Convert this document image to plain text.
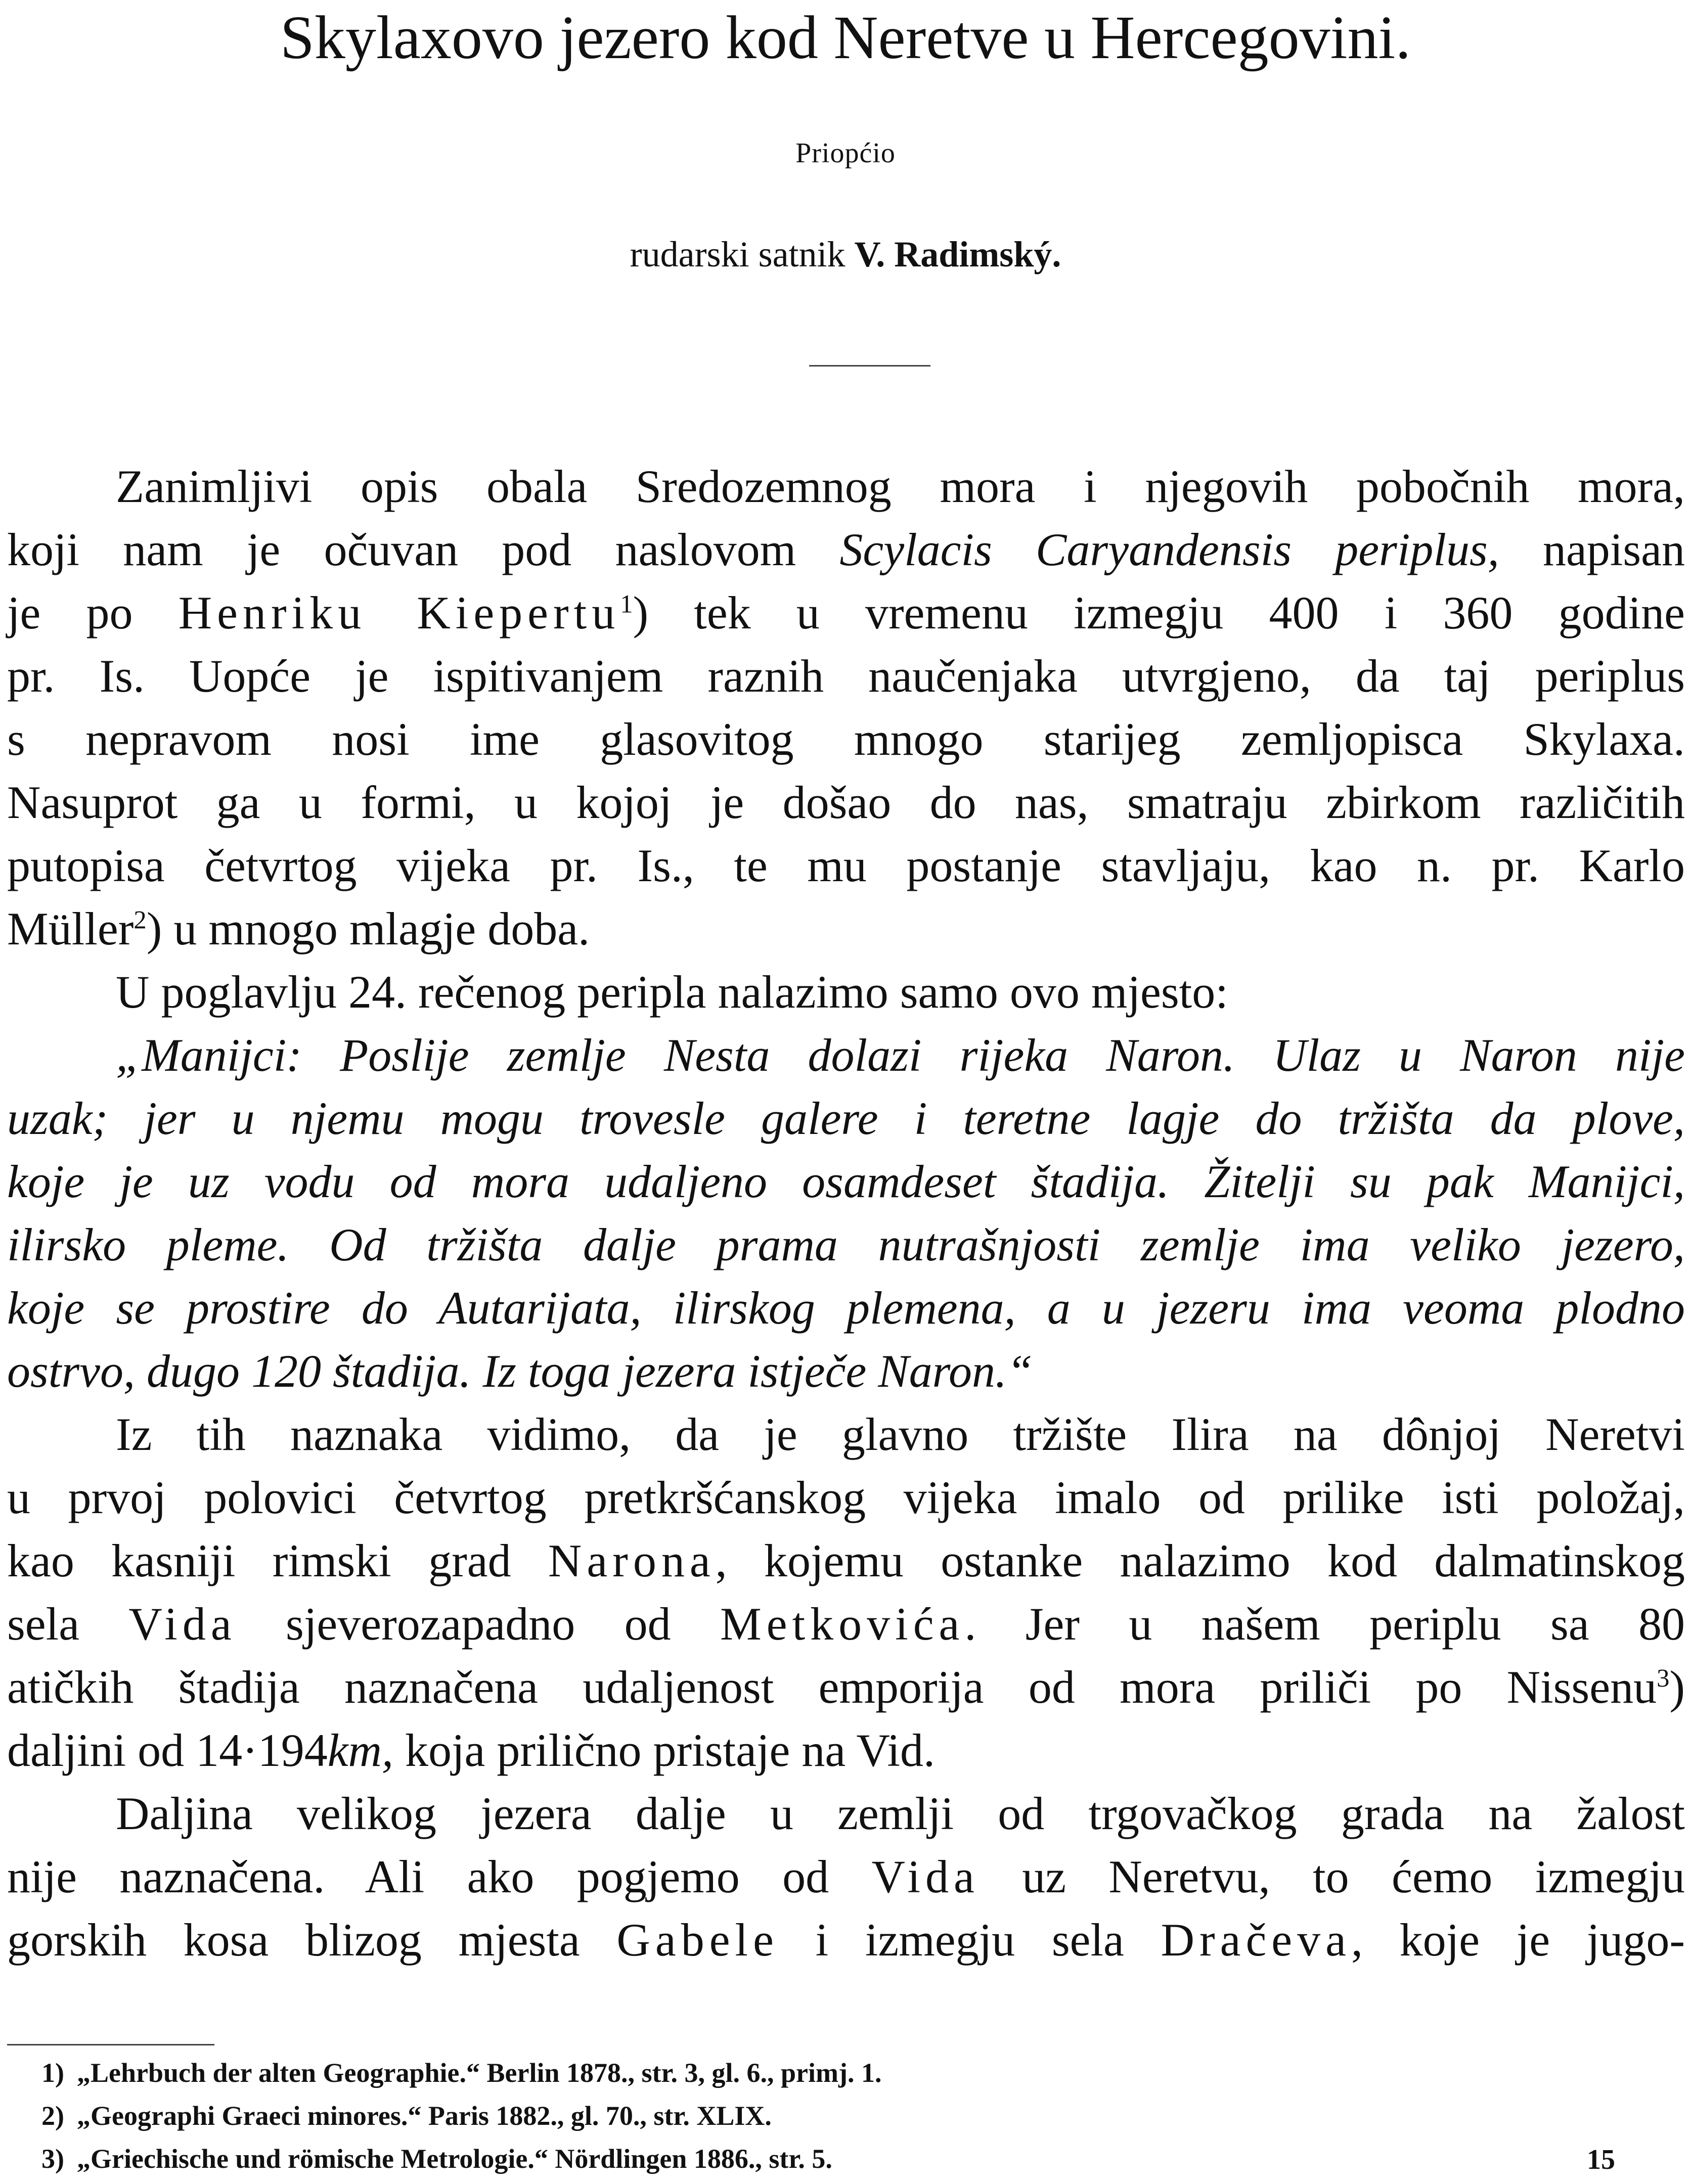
Skylaxovo jezero kod Neretve u Hercegovini.
Priopćio
rudarski satnik V. Radimský.
Zanimljivi opis obala Sredozemnog mora i njegovih pobočnih mora,
koji nam je očuvan pod naslovom Scylacis Caryandensis periplus, napisan
je po Henriku Kiepertu$^1$) tek u vremenu izmegju 400 i 360 godine
pr. Is. Uopće je ispitivanjem raznih naučenjaka utvrgjeno, da taj periplus
s nepravom nosi ime glasovitog mnogo starijeg zemljopisca Skylaxa.
Nasuprot ga u formi, u kojoj je došao do nas, smatraju zbirkom različitih
putopisa četvrtog vijeka pr. Is., te mu postanje stavljaju, kao n. pr. Karlo
Müller$^2$) u mnogo mlagje doba.
U poglavlju 24. rečenog peripla nalazimo samo ovo mjesto:
„Manijci: Poslije zemlje Nesta dolazi rijeka Naron. Ulaz u Naron nije
uzak; jer u njemu mogu trovesle galere i teretne lagje do tržišta da plove,
koje je uz vodu od mora udaljeno osamdeset štadija. Žitelji su pak Manijci,
ilirsko pleme. Od tržišta dalje prama nutrašnjosti zemlje ima veliko jezero,
koje se prostire do Autarijata, ilirskog plemena, a u jezeru ima veoma plodno
ostrvo, dugo 120 štadija. Iz toga jezera istječe Naron.“
Iz tih naznaka vidimo, da je glavno tržište Ilira na dônjoj Neretvi
u prvoj polovici četvrtog pretkršćanskog vijeka imalo od prilike isti položaj,
kao kasniji rimski grad Narona, kojemu ostanke nalazimo kod dalmatinskog
sela Vida sjeverozapadno od Metkovića. Jer u našem periplu sa 80
atičkih štadija naznačena udaljenost emporija od mora priliči po Nissenu$^3$)
daljini od 14·194km, koja prilično pristaje na Vid.
Daljina velikog jezera dalje u zemlji od trgovačkog grada na žalost
nije naznačena. Ali ako pogjemo od Vida uz Neretvu, to ćemo izmegju
gorskih kosa blizog mjesta Gabele i izmegju sela Dračeva, koje je jugo-
1) „Lehrbuch der alten Geographie.“ Berlin 1878., str. 3, gl. 6., primj. 1.
2) „Geographi Graeci minores.“ Paris 1882., gl. 70., str. XLIX.
3) „Griechische und römische Metrologie.“ Nördlingen 1886., str. 5.	15
